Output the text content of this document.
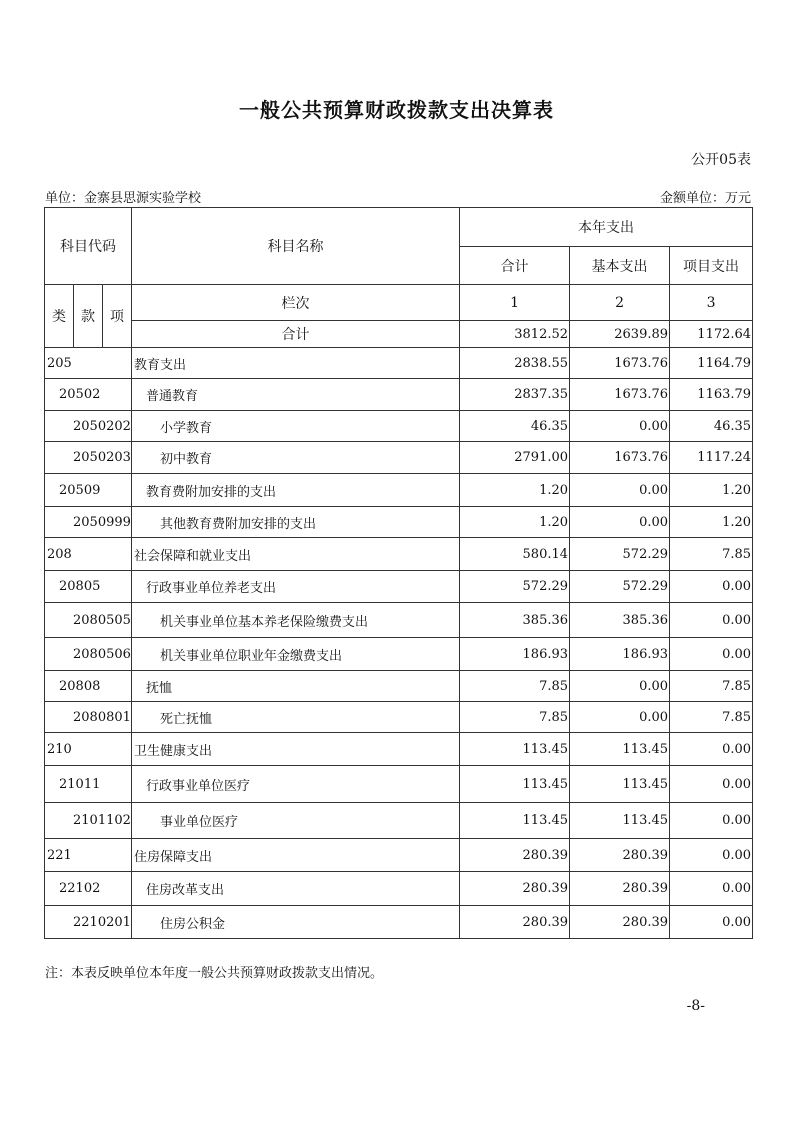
一般公共预算财政拨款支出决算表
公开05表
单位：金寨县思源实验学校	金额单位：万元
科目代码			科目名称	本年支出		
				合计	基本支出	项目支出
类	款	项	栏次	1	2	3
			合计	3812.52	2639.89	1172.64
205			教育支出	2838.55	1673.76	1164.79
20502			普通教育	2837.35	1673.76	1163.79
2050202			小学教育	46.35	0.00	46.35
2050203			初中教育	2791.00	1673.76	1117.24
20509			教育费附加安排的支出	1.20	0.00	1.20
2050999			其他教育费附加安排的支出	1.20	0.00	1.20
208			社会保障和就业支出	580.14	572.29	7.85
20805			行政事业单位养老支出	572.29	572.29	0.00
2080505			机关事业单位基本养老保险缴费支出	385.36	385.36	0.00
2080506			机关事业单位职业年金缴费支出	186.93	186.93	0.00
20808			抚恤	7.85	0.00	7.85
2080801			死亡抚恤	7.85	0.00	7.85
210			卫生健康支出	113.45	113.45	0.00
21011			行政事业单位医疗	113.45	113.45	0.00
2101102			事业单位医疗	113.45	113.45	0.00
221			住房保障支出	280.39	280.39	0.00
22102			住房改革支出	280.39	280.39	0.00
2210201			住房公积金	280.39	280.39	0.00
注：本表反映单位本年度一般公共预算财政拨款支出情况。
-8-
